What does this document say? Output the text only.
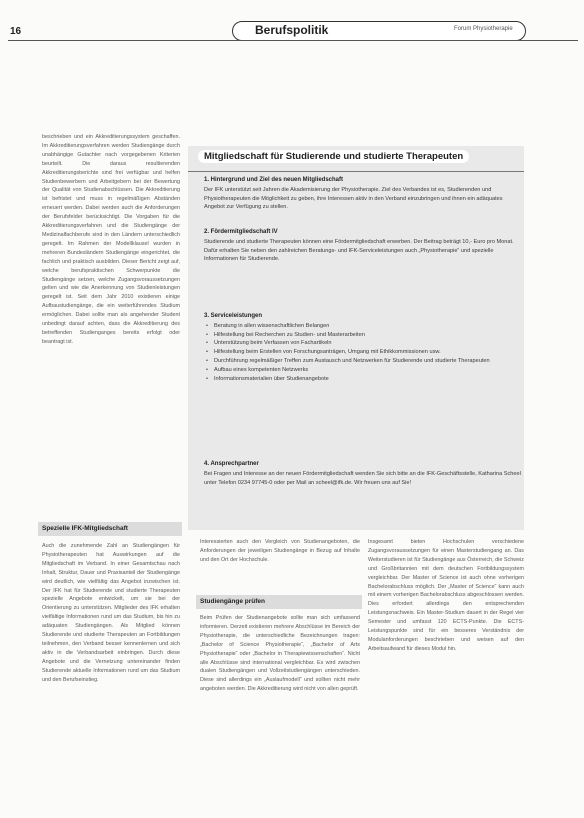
16	Berufspolitik	Forum Physiotherapie

beschrieben und ein Akkreditierungssystem geschaffen. Im Akkreditierungsverfahren werden Studiengänge durch unabhängige Gutachter nach vorgegebenen Kriterien beurteilt. Die daraus resultierenden Akkreditierungsberichte sind frei verfügbar und helfen Studienbewerbern und Arbeitgebern bei der Bewertung der Qualität von Studienabschlüssen. Die Akkreditierung ist befristet und muss in regelmäßigen Abständen erneuert werden. Dabei werden auch die Anforderungen der Berufsfelder berücksichtigt. Die Vorgaben für die Akkreditierungsverfahren und die Studiengänge der Medizinalfachberufe sind in den Ländern unterschiedlich geregelt. Im Rahmen der Modellklausel wurden in mehreren Bundesländern Studiengänge eingerichtet, die fachlich und praktisch ausbilden. Dieser Bericht zeigt auf, welche berufspraktischen Schwerpunkte die Studiengänge setzen, welche Zugangsvoraussetzungen gelten und wie die Anerkennung von Studienleistungen geregelt ist. Seit dem Jahr 2010 existieren einige Aufbaustudiengänge, die ein weiterführendes Studium ermöglichen. Dabei sollte man als angehender Student unbedingt darauf achten, dass die Akkreditierung des betreffenden Studienganges bereits erfolgt oder beantragt ist.

Spezielle IFK-Mitgliedschaft

Auch die zunehmende Zahl an Studiengängen für Physiotherapeuten hat Auswirkungen auf die Mitgliedschaft im Verband. In einer Gesamtschau nach Inhalt, Struktur, Dauer und Praxisanteil der Studiengänge wird deutlich, wie vielfältig das Angebot inzwischen ist. Der IFK hat für Studierende und studierte Therapeuten spezielle Angebote entwickelt, um sie bei der Orientierung zu unterstützen. Mitglieder des IFK erhalten vielfältige Informationen rund um das Studium, bis hin zu adäquaten Studiengängen. Als Mitglied können Studierende und studierte Therapeuten an Fortbildungen teilnehmen, den Verband besser kennenlernen und sich aktiv in die Verbandsarbeit einbringen. Durch diese Angebote und die Vernetzung untereinander finden Studierende aktuelle Informationen rund um das Studium und den Berufseinstieg.

Mitgliedschaft für Studierende und studierte Therapeuten
1. Hintergrund und Ziel des neuen Mitgliedschaft

Der IFK unterstützt seit Jahren die Akademisierung der Physiotherapie. Ziel des Verbandes ist es, Studierenden und Physiotherapeuten die Möglichkeit zu geben, ihre Interessen aktiv in den Verband einzubringen und ihnen ein adäquates Angebot zur Verfügung zu stellen.

2. Fördermitgliedschaft IV

Studierende und studierte Therapeuten können eine Fördermitgliedschaft erwerben. Der Beitrag beträgt 10,- Euro pro Monat. Dafür erhalten Sie neben den zahlreichen Beratungs- und IFK-Serviceleistungen auch „Physiotherapie“ und spezielle Informationen für Studierende.

3. Serviceleistungen
• Beratung in allen wissenschaftlichen Belangen
• Hilfestellung bei Recherchen zu Studien- und Masterarbeiten
• Unterstützung beim Verfassen von Fachartikeln
• Hilfestellung beim Erstellen von Forschungsanträgen, Umgang mit Ethikkommissionen usw.
• Durchführung regelmäßiger Treffen zum Austausch und Netzwerken für Studierende und studierte Therapeuten
• Aufbau eines kompetenten Netzwerks
• Informationsmaterialien über Studienangebote
4. Ansprechpartner

Bei Fragen und Interesse an der neuen Fördermitgliedschaft wenden Sie sich bitte an die IFK-Geschäftsstelle, Katharina Scheel unter Telefon 0234 97745-0 oder per Mail an scheel@ifk.de. Wir freuen uns auf Sie!

Interessierten auch den Vergleich von Studienangeboten, die Anforderungen der jeweiligen Studiengänge in Bezug auf Inhalte und den Ort der Hochschule.

Studiengänge prüfen

Beim Prüfen der Studienangebote sollte man sich umfassend informieren. Derzeit existieren mehrere Abschlüsse im Bereich der Physiotherapie, die unterschiedliche Bezeichnungen tragen: „Bachelor of Science Physiotherapie“, „Bachelor of Arts Physiotherapie“ oder „Bachelor in Therapiewissenschaften“. Nicht alle Abschlüsse sind international vergleichbar. Es wird zwischen dualen Studiengängen und Vollzeitstudiengängen unterschieden. Diese sind allerdings ein „Auslaufmodell“ und sollten nicht mehr angeboten werden. Die Akkreditierung wird nicht von allen geprüft.

Insgesamt bieten Hochschulen verschiedene Zugangsvoraussetzungen für einen Masterstudiengang an. Das Weiterstudieren ist für Studiengänge aus Österreich, die Schweiz und Großbritannien mit dem deutschen Fortbildungssystem vergleichbar. Der Master of Science ist auch ohne vorherigen Bachelorabschluss möglich. Der „Master of Science“ kann auch mit einem vorherigen Bachelorabschluss abgeschlossen werden. Dies erfordert allerdings den entsprechenden Leistungsnachweis. Ein Master-Studium dauert in der Regel vier Semester und umfasst 120 ECTS-Punkte. Die ECTS-Leistungspunkte sind für ein besseres Verständnis der Modulanforderungen beschrieben und weisen auf den Arbeitsaufwand für dieses Modul hin.
